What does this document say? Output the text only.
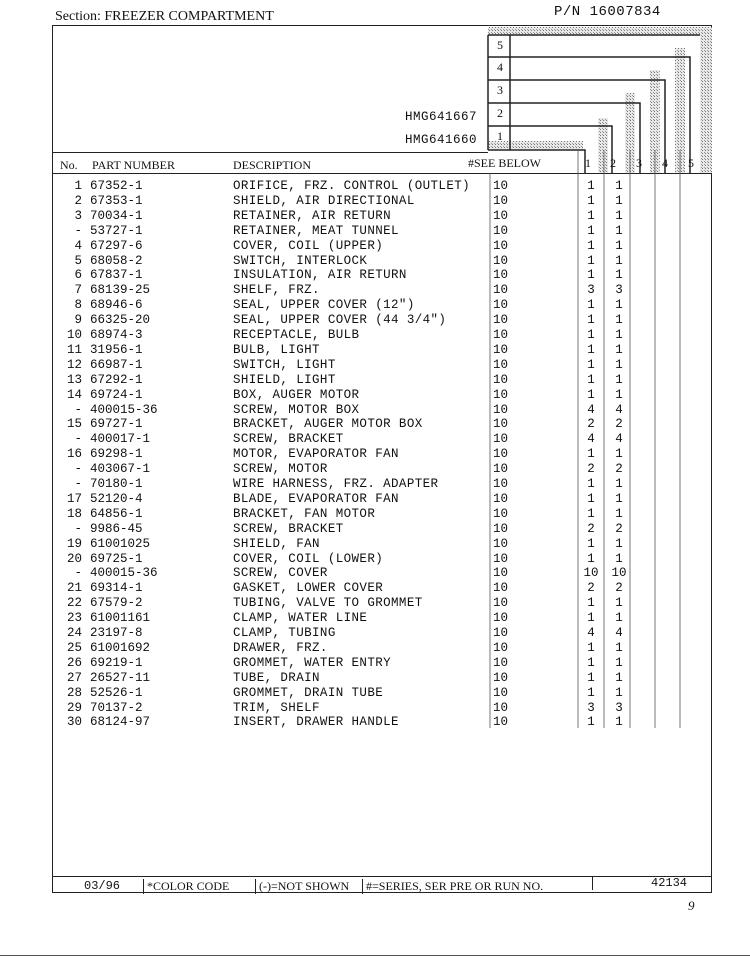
Section: FREEZER COMPARTMENT	P/N 16007834
5
4
3
2
1
HMG641667
HMG641660
No. PART NUMBER	DESCRIPTION	#SEE BELOW	1 2 3 4 5
1 67352-1	ORIFICE, FRZ. CONTROL (OUTLET) 10	1	1
2 67353-1	SHIELD, AIR DIRECTIONAL	10	1	1
3 70034-1	RETAINER, AIR RETURN	10	1	1
- 53727-1	RETAINER, MEAT TUNNEL	10	1	1
4 67297-6	COVER, COIL (UPPER)	10	1	1
5 68058-2	SWITCH, INTERLOCK	10	1	1
6 67837-1	INSULATION, AIR RETURN	10	1	1
7 68139-25	SHELF, FRZ.	10	3	3
8 68946-6	SEAL, UPPER COVER (12")	10	1	1
9 66325-20	SEAL, UPPER COVER (44 3/4")	10	1	1
10 68974-3	RECEPTACLE, BULB	10	1	1
11 31956-1	BULB, LIGHT	10	1	1
12 66987-1	SWITCH, LIGHT	10	1	1
13 67292-1	SHIELD, LIGHT	10	1	1
14 69724-1	BOX, AUGER MOTOR	10	1	1
- 400015-36	SCREW, MOTOR BOX	10	4	4
15 69727-1	BRACKET, AUGER MOTOR BOX	10	2	2
- 400017-1	SCREW, BRACKET	10	4	4
16 69298-1	MOTOR, EVAPORATOR FAN	10	1	1
- 403067-1	SCREW, MOTOR	10	2	2
- 70180-1	WIRE HARNESS, FRZ. ADAPTER	10	1	1
17 52120-4	BLADE, EVAPORATOR FAN	10	1	1
18 64856-1	BRACKET, FAN MOTOR	10	1	1
- 9986-45	SCREW, BRACKET	10	2	2
19 61001025	SHIELD, FAN	10	1	1
20 69725-1	COVER, COIL (LOWER)	10	1	1
- 400015-36	SCREW, COVER	10	10 10
21 69314-1	GASKET, LOWER COVER	10	2	2
22 67579-2	TUBING, VALVE TO GROMMET	10	1	1
23 61001161	CLAMP, WATER LINE	10	1	1
24 23197-8	CLAMP, TUBING	10	4	4
25 61001692	DRAWER, FRZ.	10	1	1
26 69219-1	GROMMET, WATER ENTRY	10	1	1
27 26527-11	TUBE, DRAIN	10	1	1
28 52526-1	GROMMET, DRAIN TUBE	10	1	1
29 70137-2	TRIM, SHELF	10	3	3
30 68124-97	INSERT, DRAWER HANDLE	10	1	1
03/96	*COLOR CODE	(-)=NOT SHOWN	#=SERIES, SER PRE OR RUN NO.	42134
9
